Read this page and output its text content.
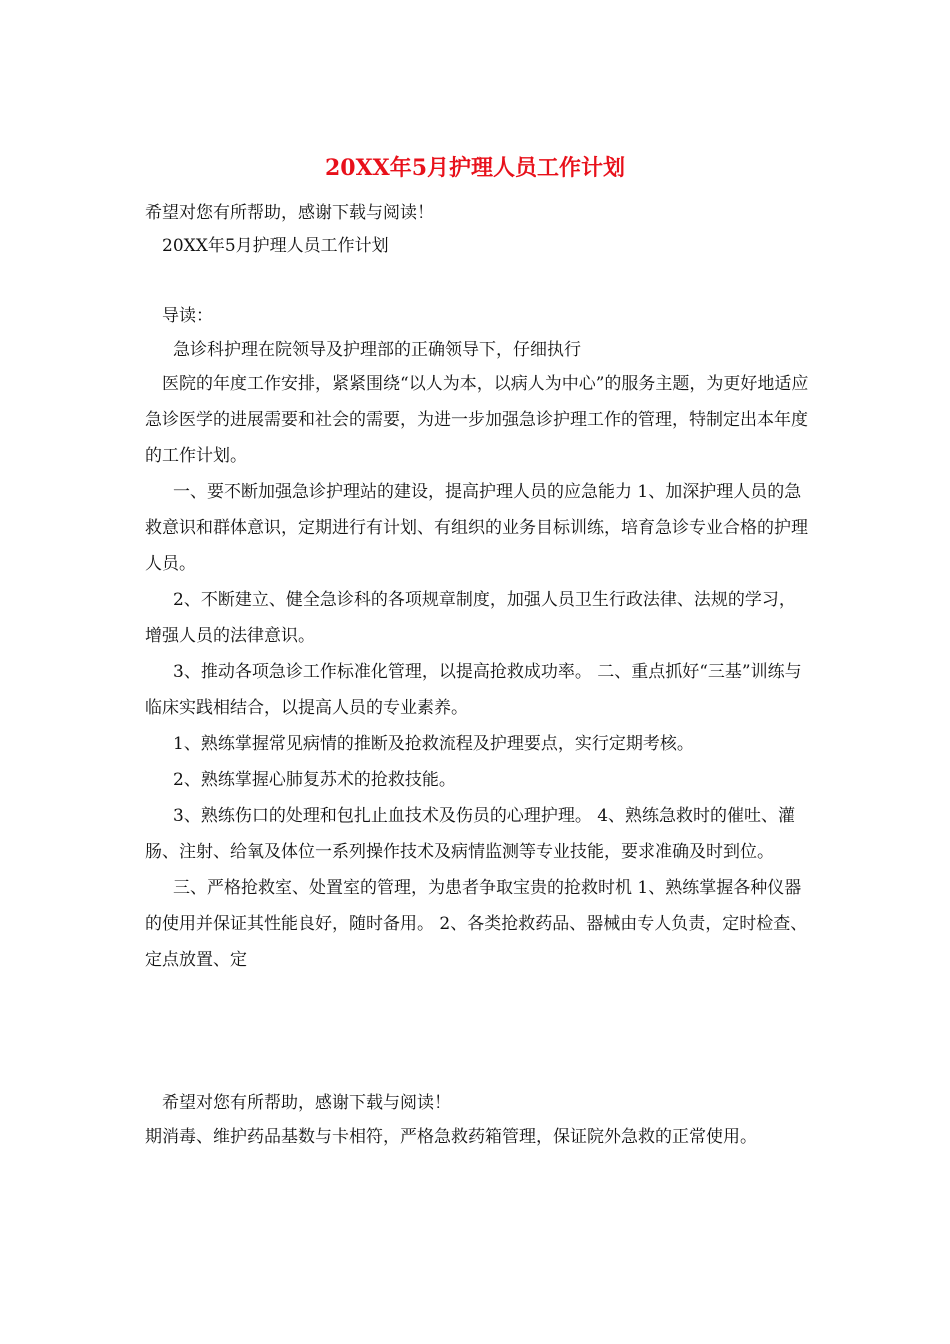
20XX年5月护理人员工作计划
希望对您有所帮助，感谢下载与阅读！
20XX年5月护理人员工作计划
导读：
急诊科护理在院领导及护理部的正确领导下，仔细执行

医院的年度工作安排，紧紧围绕“以人为本，以病人为中心”的服务主题，为更好地适应急诊医学的进展需要和社会的需要，为进一步加强急诊护理工作的管理，特制定出本年度的工作计划。

一、要不断加强急诊护理站的建设，提高护理人员的应急能力 1、加深护理人员的急救意识和群体意识，定期进行有计划、有组织的业务目标训练，培育急诊专业合格的护理人员。

2、不断建立、健全急诊科的各项规章制度，加强人员卫生行政法律、法规的学习，增强人员的法律意识。

3、推动各项急诊工作标准化管理，以提高抢救成功率。 二、重点抓好“三基”训练与临床实践相结合，以提高人员的专业素养。

1、熟练掌握常见病情的推断及抢救流程及护理要点，实行定期考核。

2、熟练掌握心肺复苏术的抢救技能。

3、熟练伤口的处理和包扎止血技术及伤员的心理护理。 4、熟练急救时的催吐、灌肠、注射、给氧及体位一系列操作技术及病情监测等专业技能，要求准确及时到位。

三、严格抢救室、处置室的管理，为患者争取宝贵的抢救时机 1、熟练掌握各种仪器的使用并保证其性能良好，随时备用。 2、各类抢救药品、器械由专人负责，定时检查、定点放置、定

希望对您有所帮助，感谢下载与阅读！

期消毒、维护药品基数与卡相符，严格急救药箱管理，保证院外急救的正常使用。
